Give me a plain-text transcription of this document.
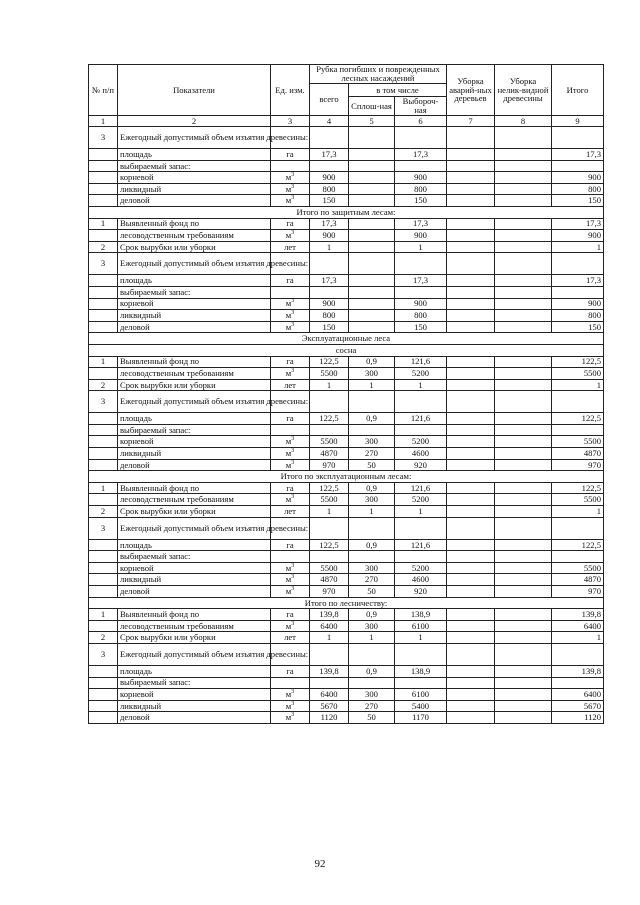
№ п/п	Показатели	Ед. изм.	Рубка погибших и поврежденных лесных насаждений			Уборка аварий-ных деревьев	Уборка нелик-видной древесины	Итого
			всего	в том числе				
				Сплош-ная	Выбороч-ная			
1	2	3	4	5	6	7	8	9
3	Ежегодный допустимый объем изъятия древесины:							
	площадь	га	17,3		17,3			17,3
	выбираемый запас:							
	корневой	$м^3$	900		900			900
	ликвидный	$м^3$	800		800			800
	деловой	$м^3$	150		150			150
Итого по защитным лесам:								
1	Выявленный фонд по	га	17,3		17,3			17,3
	лесоводственным требованиям	$м^3$	900		900			900
2	Срок вырубки или уборки	лет	1		1			1
3	Ежегодный допустимый объем изъятия древесины:							
	площадь	га	17,3		17,3			17,3
	выбираемый запас:							
	корневой	$м^3$	900		900			900
	ликвидный	$м^3$	800		800			800
	деловой	$м^3$	150		150			150
Эксплуатационные леса								
сосна								
1	Выявленный фонд по	га	122,5	0,9	121,6			122,5
	лесоводственным требованиям	$м^3$	5500	300	5200			5500
2	Срок вырубки или уборки	лет	1	1	1			1
3	Ежегодный допустимый объем изъятия древесины:							
	площадь	га	122,5	0,9	121,6			122,5
	выбираемый запас:							
	корневой	$м^3$	5500	300	5200			5500
	ликвидный	$м^3$	4870	270	4600			4870
	деловой	$м^3$	970	50	920			970
Итого по эксплуатационным лесам:								
1	Выявленный фонд по	га	122,5	0,9	121,6			122,5
	лесоводственным требованиям	$м^3$	5500	300	5200			5500
2	Срок вырубки или уборки	лет	1	1	1			1
3	Ежегодный допустимый объем изъятия древесины:							
	площадь	га	122,5	0,9	121,6			122,5
	выбираемый запас:							
	корневой	$м^3$	5500	300	5200			5500
	ликвидный	$м^3$	4870	270	4600			4870
	деловой	$м^3$	970	50	920			970
Итого по лесничеству:								
1	Выявленный фонд по	га	139,8	0,9	138,9			139,8
	лесоводственным требованиям	$м^3$	6400	300	6100			6400
2	Срок вырубки или уборки	лет	1	1	1			1
3	Ежегодный допустимый объем изъятия древесины:							
	площадь	га	139,8	0,9	138,9			139,8
	выбираемый запас:							
	корневой	$м^3$	6400	300	6100			6400
	ликвидный	$м^3$	5670	270	5400			5670
	деловой	$м^3$	1120	50	1170			1120
92
